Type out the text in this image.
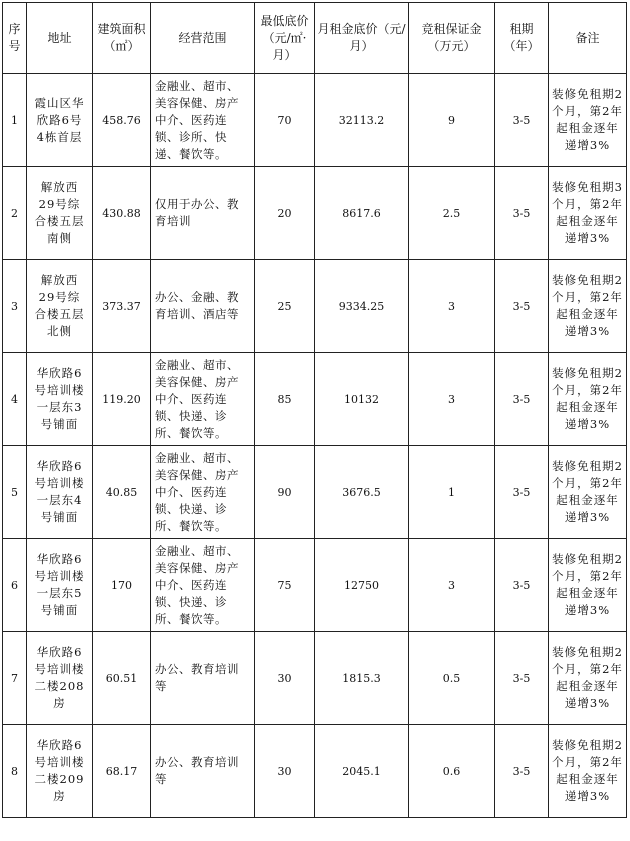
序号	地址	建筑面积（㎡）	经营范围	最低底价（元/㎡·月）	月租金底价（元/月）	竞租保证金（万元）	租期（年）	备注
1	霞山区华欣路6号4栋首层	458.76	金融业、超市、美容保健、房产中介、医药连锁、诊所、快递、餐饮等。	70	32113.2	9	3-5	装修免租期2个月，第2年起租金逐年递增3%
2	解放西29号综合楼五层南侧	430.88	仅用于办公、教育培训	20	8617.6	2.5	3-5	装修免租期3个月，第2年起租金逐年递增3%
3	解放西29号综合楼五层北侧	373.37	办公、金融、教育培训、酒店等	25	9334.25	3	3-5	装修免租期2个月，第2年起租金逐年递增3%
4	华欣路6号培训楼一层东3号铺面	119.20	金融业、超市、美容保健、房产中介、医药连锁、快递、诊所、餐饮等。	85	10132	3	3-5	装修免租期2个月，第2年起租金逐年递增3%
5	华欣路6号培训楼一层东4号铺面	40.85	金融业、超市、美容保健、房产中介、医药连锁、快递、诊所、餐饮等。	90	3676.5	1	3-5	装修免租期2个月，第2年起租金逐年递增3%
6	华欣路6号培训楼一层东5号铺面	170	金融业、超市、美容保健、房产中介、医药连锁、快递、诊所、餐饮等。	75	12750	3	3-5	装修免租期2个月，第2年起租金逐年递增3%
7	华欣路6号培训楼二楼208房	60.51	办公、教育培训等	30	1815.3	0.5	3-5	装修免租期2个月，第2年起租金逐年递增3%
8	华欣路6号培训楼二楼209房	68.17	办公、教育培训等	30	2045.1	0.6	3-5	装修免租期2个月，第2年起租金逐年递增3%
